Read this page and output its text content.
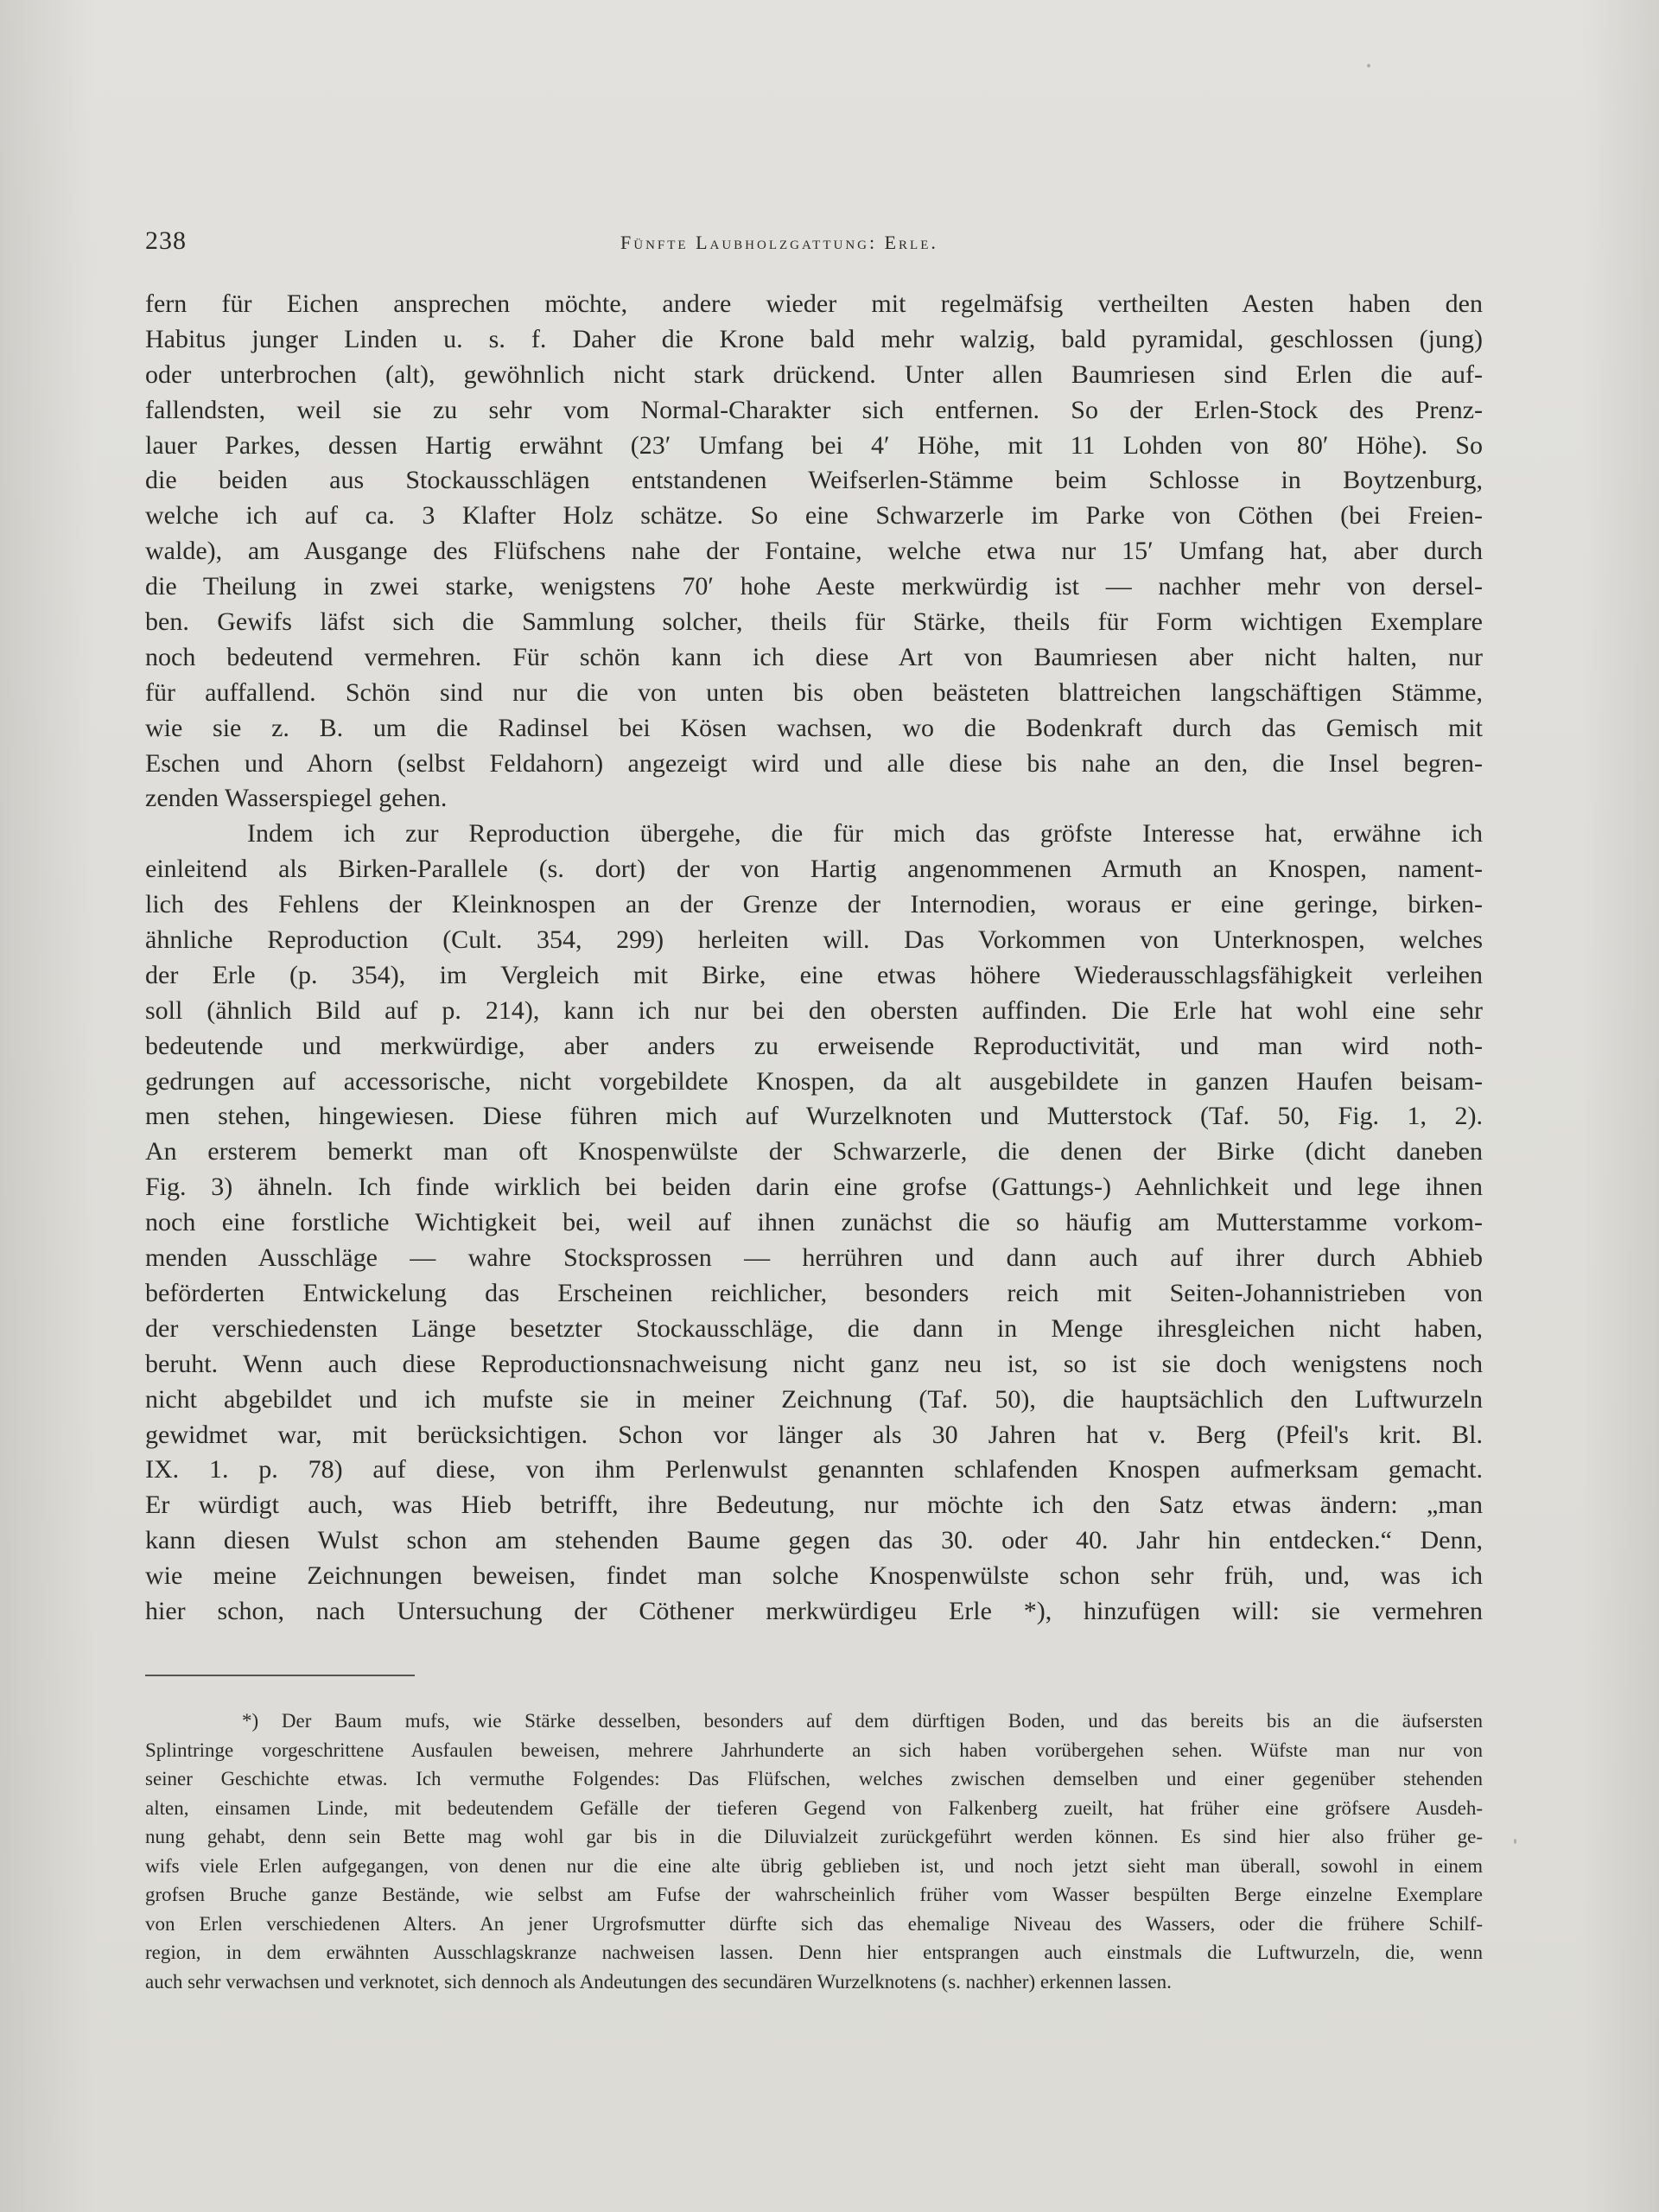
238	Fünfte Laubholzgattung: Erle.
fern für Eichen ansprechen möchte, andere wieder mit regelmäfsig vertheilten Aesten haben den
Habitus junger Linden u. s. f. Daher die Krone bald mehr walzig, bald pyramidal, geschlossen (jung)
oder unterbrochen (alt), gewöhnlich nicht stark drückend. Unter allen Baumriesen sind Erlen die auf-
fallendsten, weil sie zu sehr vom Normal-Charakter sich entfernen. So der Erlen-Stock des Prenz-
lauer Parkes, dessen Hartig erwähnt (23′ Umfang bei 4′ Höhe, mit 11 Lohden von 80′ Höhe). So
die beiden aus Stockausschlägen entstandenen Weifserlen-Stämme beim Schlosse in Boytzenburg,
welche ich auf ca. 3 Klafter Holz schätze. So eine Schwarzerle im Parke von Cöthen (bei Freien-
walde), am Ausgange des Flüfschens nahe der Fontaine, welche etwa nur 15′ Umfang hat, aber durch
die Theilung in zwei starke, wenigstens 70′ hohe Aeste merkwürdig ist — nachher mehr von dersel-
ben. Gewifs läfst sich die Sammlung solcher, theils für Stärke, theils für Form wichtigen Exemplare
noch bedeutend vermehren. Für schön kann ich diese Art von Baumriesen aber nicht halten, nur
für auffallend. Schön sind nur die von unten bis oben beästeten blattreichen langschäftigen Stämme,
wie sie z. B. um die Radinsel bei Kösen wachsen, wo die Bodenkraft durch das Gemisch mit
Eschen und Ahorn (selbst Feldahorn) angezeigt wird und alle diese bis nahe an den, die Insel begren-
zenden Wasserspiegel gehen.
Indem ich zur Reproduction übergehe, die für mich das gröfste Interesse hat, erwähne ich
einleitend als Birken-Parallele (s. dort) der von Hartig angenommenen Armuth an Knospen, nament-
lich des Fehlens der Kleinknospen an der Grenze der Internodien, woraus er eine geringe, birken-
ähnliche Reproduction (Cult. 354, 299) herleiten will. Das Vorkommen von Unterknospen, welches
der Erle (p. 354), im Vergleich mit Birke, eine etwas höhere Wiederausschlagsfähigkeit verleihen
soll (ähnlich Bild auf p. 214), kann ich nur bei den obersten auffinden. Die Erle hat wohl eine sehr
bedeutende und merkwürdige, aber anders zu erweisende Reproductivität, und man wird noth-
gedrungen auf accessorische, nicht vorgebildete Knospen, da alt ausgebildete in ganzen Haufen beisam-
men stehen, hingewiesen. Diese führen mich auf Wurzelknoten und Mutterstock (Taf. 50, Fig. 1, 2).
An ersterem bemerkt man oft Knospenwülste der Schwarzerle, die denen der Birke (dicht daneben
Fig. 3) ähneln. Ich finde wirklich bei beiden darin eine grofse (Gattungs-) Aehnlichkeit und lege ihnen
noch eine forstliche Wichtigkeit bei, weil auf ihnen zunächst die so häufig am Mutterstamme vorkom-
menden Ausschläge — wahre Stocksprossen — herrühren und dann auch auf ihrer durch Abhieb
beförderten Entwickelung das Erscheinen reichlicher, besonders reich mit Seiten-Johannistrieben von
der verschiedensten Länge besetzter Stockausschläge, die dann in Menge ihresgleichen nicht haben,
beruht. Wenn auch diese Reproductionsnachweisung nicht ganz neu ist, so ist sie doch wenigstens noch
nicht abgebildet und ich mufste sie in meiner Zeichnung (Taf. 50), die hauptsächlich den Luftwurzeln
gewidmet war, mit berücksichtigen. Schon vor länger als 30 Jahren hat v. Berg (Pfeil's krit. Bl.
IX. 1. p. 78) auf diese, von ihm Perlenwulst genannten schlafenden Knospen aufmerksam gemacht.
Er würdigt auch, was Hieb betrifft, ihre Bedeutung, nur möchte ich den Satz etwas ändern: „man
kann diesen Wulst schon am stehenden Baume gegen das 30. oder 40. Jahr hin entdecken.“ Denn,
wie meine Zeichnungen beweisen, findet man solche Knospenwülste schon sehr früh, und, was ich
hier schon, nach Untersuchung der Cöthener merkwürdigeu Erle *), hinzufügen will: sie vermehren
*) Der Baum mufs, wie Stärke desselben, besonders auf dem dürftigen Boden, und das bereits bis an die äufsersten
Splintringe vorgeschrittene Ausfaulen beweisen, mehrere Jahrhunderte an sich haben vorübergehen sehen. Wüfste man nur von
seiner Geschichte etwas. Ich vermuthe Folgendes: Das Flüfschen, welches zwischen demselben und einer gegenüber stehenden
alten, einsamen Linde, mit bedeutendem Gefälle der tieferen Gegend von Falkenberg zueilt, hat früher eine gröfsere Ausdeh-
nung gehabt, denn sein Bette mag wohl gar bis in die Diluvialzeit zurückgeführt werden können. Es sind hier also früher ge-
wifs viele Erlen aufgegangen, von denen nur die eine alte übrig geblieben ist, und noch jetzt sieht man überall, sowohl in einem
grofsen Bruche ganze Bestände, wie selbst am Fufse der wahrscheinlich früher vom Wasser bespülten Berge einzelne Exemplare
von Erlen verschiedenen Alters. An jener Urgrofsmutter dürfte sich das ehemalige Niveau des Wassers, oder die frühere Schilf-
region, in dem erwähnten Ausschlagskranze nachweisen lassen. Denn hier entsprangen auch einstmals die Luftwurzeln, die, wenn
auch sehr verwachsen und verknotet, sich dennoch als Andeutungen des secundären Wurzelknotens (s. nachher) erkennen lassen.
